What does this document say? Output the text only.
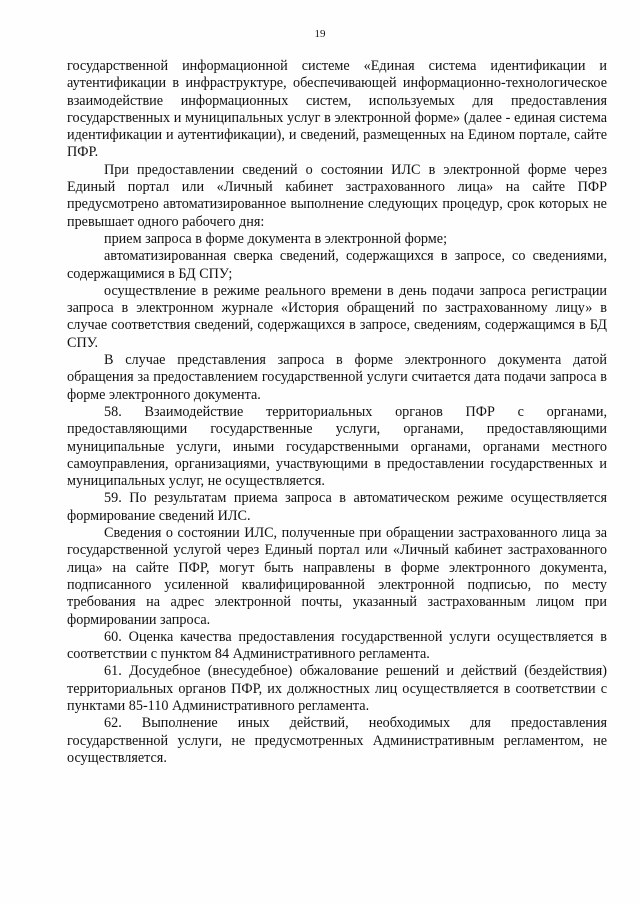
19

государственной информационной системе «Единая система идентификации и аутентификации в инфраструктуре, обеспечивающей информационно-технологическое взаимодействие информационных систем, используемых для предоставления государственных и муниципальных услуг в электронной форме» (далее - единая система идентификации и аутентификации), и сведений, размещенных на Едином портале, сайте ПФР.

При предоставлении сведений о состоянии ИЛС в электронной форме через Единый портал или «Личный кабинет застрахованного лица» на сайте ПФР предусмотрено автоматизированное выполнение следующих процедур, срок которых не превышает одного рабочего дня:

прием запроса в форме документа в электронной форме;

автоматизированная сверка сведений, содержащихся в запросе, со сведениями, содержащимися в БД СПУ;

осуществление в режиме реального времени в день подачи запроса регистрации запроса в электронном журнале «История обращений по застрахованному лицу» в случае соответствия сведений, содержащихся в запросе, сведениям, содержащимся в БД СПУ.

В случае представления запроса в форме электронного документа датой обращения за предоставлением государственной услуги считается дата подачи запроса в форме электронного документа.

58. Взаимодействие территориальных органов ПФР с органами, предоставляющими государственные услуги, органами, предоставляющими муниципальные услуги, иными государственными органами, органами местного самоуправления, организациями, участвующими в предоставлении государственных и муниципальных услуг, не осуществляется.

59. По результатам приема запроса в автоматическом режиме осуществляется формирование сведений ИЛС.

Сведения о состоянии ИЛС, полученные при обращении застрахованного лица за государственной услугой через Единый портал или «Личный кабинет застрахованного лица» на сайте ПФР, могут быть направлены в форме электронного документа, подписанного усиленной квалифицированной электронной подписью, по месту требования на адрес электронной почты, указанный застрахованным лицом при формировании запроса.

60. Оценка качества предоставления государственной услуги осуществляется в соответствии с пунктом 84 Административного регламента.

61. Досудебное (внесудебное) обжалование решений и действий (бездействия) территориальных органов ПФР, их должностных лиц осуществляется в соответствии с пунктами 85-110 Административного регламента.

62. Выполнение иных действий, необходимых для предоставления государственной услуги, не предусмотренных Административным регламентом, не осуществляется.
